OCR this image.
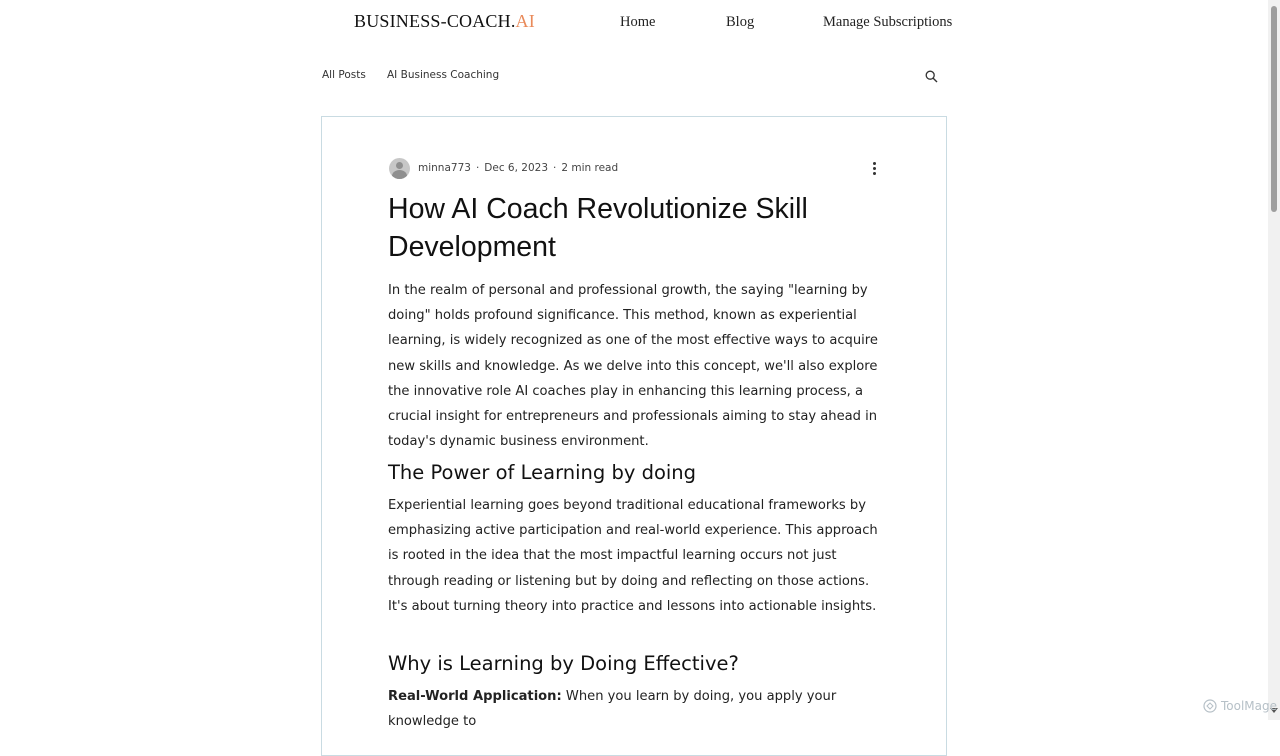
BUSINESS-COACH.AI	Home	Blog	Manage Subscriptions
All Posts AI Business Coaching
minna773 · Dec 6, 2023 · 2 min read
How AI Coach Revolutionize Skill Development

In the realm of personal and professional growth, the saying "learning by doing" holds profound significance. This method, known as experiential learning, is widely recognized as one of the most effective ways to acquire new skills and knowledge. As we delve into this concept, we'll also explore the innovative role AI coaches play in enhancing this learning process, a crucial insight for entrepreneurs and professionals aiming to stay ahead in today's dynamic business environment.

The Power of Learning by doing

Experiential learning goes beyond traditional educational frameworks by emphasizing active participation and real-world experience. This approach is rooted in the idea that the most impactful learning occurs not just through reading or listening but by doing and reflecting on those actions. It's about turning theory into practice and lessons into actionable insights.

Why is Learning by Doing Effective?

Real-World Application: When you learn by doing, you apply your knowledge to

ToolMage
